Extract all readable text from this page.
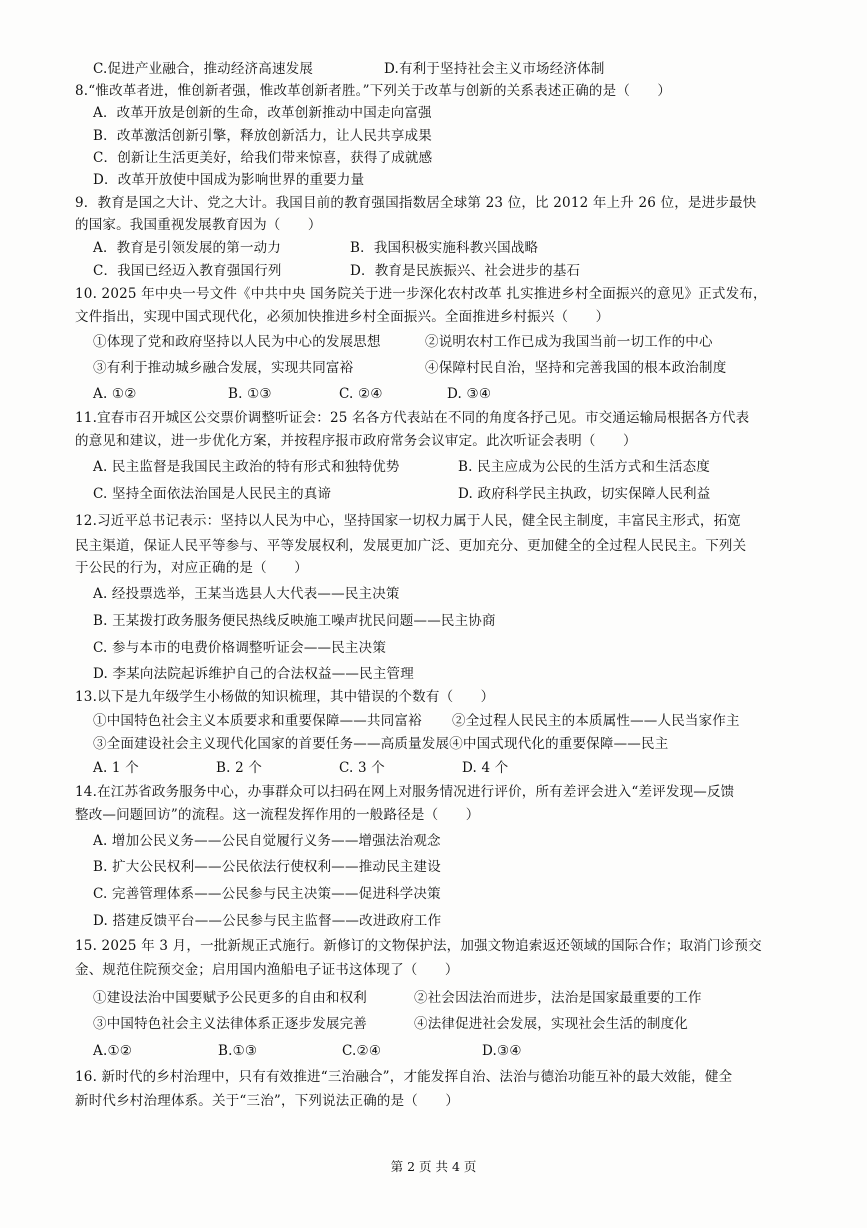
C.促进产业融合，推动经济高速发展	D.有利于坚持社会主义市场经济体制
8.“惟改革者进，惟创新者强，惟改革创新者胜。”下列关于改革与创新的关系表述正确的是（　　）
A．改革开放是创新的生命，改革创新推动中国走向富强
B．改革激活创新引擎，释放创新活力，让人民共享成果
C．创新让生活更美好，给我们带来惊喜，获得了成就感
D．改革开放使中国成为影响世界的重要力量
9．教育是国之大计、党之大计。我国目前的教育强国指数居全球第 23 位，比 2012 年上升 26 位，是进步最快
的国家。我国重视发展教育因为（　　）
A．教育是引领发展的第一动力	B．我国积极实施科教兴国战略
C．我国已经迈入教育强国行列	D．教育是民族振兴、社会进步的基石
10. 2025 年中央一号文件《中共中央 国务院关于进一步深化农村改革 扎实推进乡村全面振兴的意见》正式发布，
文件指出，实现中国式现代化，必须加快推进乡村全面振兴。全面推进乡村振兴（　　）
①体现了党和政府坚持以人民为中心的发展思想	②说明农村工作已成为我国当前一切工作的中心
③有利于推动城乡融合发展，实现共同富裕	④保障村民自治，坚持和完善我国的根本政治制度
A. ①②	B. ①③	C. ②④	D. ③④
11.宜春市召开城区公交票价调整听证会：25 名各方代表站在不同的角度各抒己见。市交通运输局根据各方代表
的意见和建议，进一步优化方案，并按程序报市政府常务会议审定。此次听证会表明（　　）
A. 民主监督是我国民主政治的特有形式和独特优势	B. 民主应成为公民的生活方式和生活态度
C. 坚持全面依法治国是人民民主的真谛	D. 政府科学民主执政，切实保障人民利益
12.习近平总书记表示：坚持以人民为中心，坚持国家一切权力属于人民，健全民主制度，丰富民主形式，拓宽
民主渠道，保证人民平等参与、平等发展权利，发展更加广泛、更加充分、更加健全的全过程人民民主。下列关
于公民的行为，对应正确的是（　　）
A. 经投票选举，王某当选县人大代表——民主决策
B. 王某拨打政务服务便民热线反映施工噪声扰民问题——民主协商
C. 参与本市的电费价格调整听证会——民主决策
D. 李某向法院起诉维护自己的合法权益——民主管理
13.以下是九年级学生小杨做的知识梳理，其中错误的个数有（　　）
①中国特色社会主义本质要求和重要保障——共同富裕 ②全过程人民民主的本质属性——人民当家作主
③全面建设社会主义现代化国家的首要任务——高质量发展④中国式现代化的重要保障——民主
A. 1 个	B. 2 个	C. 3 个	D. 4 个
14.在江苏省政务服务中心，办事群众可以扫码在网上对服务情况进行评价，所有差评会进入“差评发现—反馈
整改—问题回访”的流程。这一流程发挥作用的一般路径是（　　）
A. 增加公民义务——公民自觉履行义务——增强法治观念
B. 扩大公民权利——公民依法行使权利——推动民主建设
C. 完善管理体系——公民参与民主决策——促进科学决策
D. 搭建反馈平台——公民参与民主监督——改进政府工作
15. 2025 年 3 月，一批新规正式施行。新修订的文物保护法，加强文物追索返还领域的国际合作；取消门诊预交
金、规范住院预交金；启用国内渔船电子证书这体现了（　　）
①建设法治中国要赋予公民更多的自由和权利	②社会因法治而进步，法治是国家最重要的工作
③中国特色社会主义法律体系正逐步发展完善	④法律促进社会发展，实现社会生活的制度化
A.①②	B.①③	C.②④	D.③④
16. 新时代的乡村治理中，只有有效推进“三治融合”，才能发挥自治、法治与德治功能互补的最大效能，健全
新时代乡村治理体系。关于“三治”，下列说法正确的是（　　）
第 2 页 共 4 页
